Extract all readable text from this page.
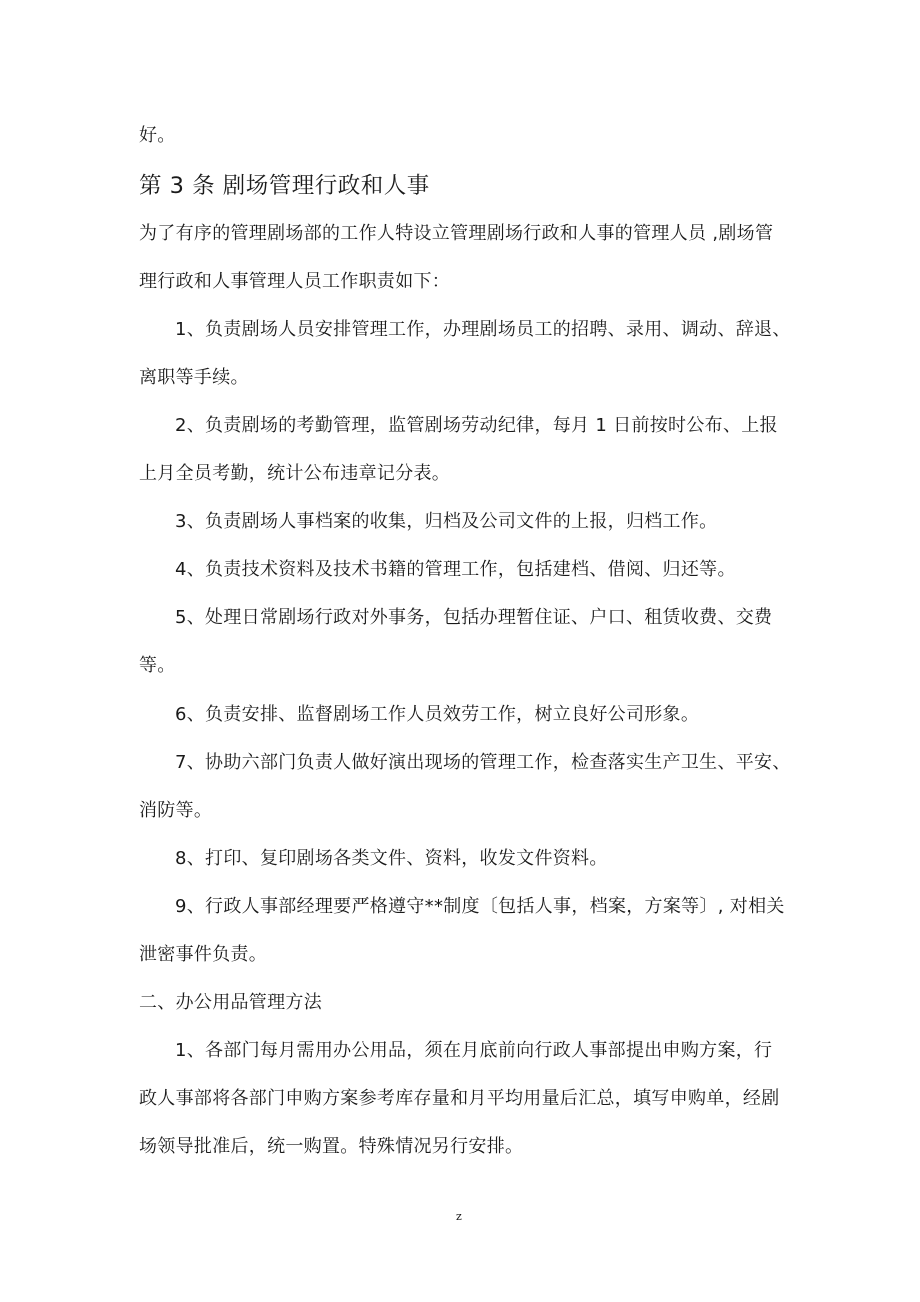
好。
第 3 条 剧场管理行政和人事
为了有序的管理剧场部的工作人特设立管理剧场行政和人事的管理人员 ,剧场管
理行政和人事管理人员工作职责如下：
1、负责剧场人员安排管理工作，办理剧场员工的招聘、录用、调动、辞退、
离职等手续。
2、负责剧场的考勤管理，监管剧场劳动纪律，每月 1 日前按时公布、上报
上月全员考勤，统计公布违章记分表。
3、负责剧场人事档案的收集，归档及公司文件的上报，归档工作。
4、负责技术资料及技术书籍的管理工作，包括建档、借阅、归还等。
5、处理日常剧场行政对外事务，包括办理暂住证、户口、租赁收费、交费
等。
6、负责安排、监督剧场工作人员效劳工作，树立良好公司形象。
7、协助六部门负责人做好演出现场的管理工作，检查落实生产卫生、平安、
消防等。
8、打印、复印剧场各类文件、资料，收发文件资料。
9、行政人事部经理要严格遵守**制度〔包括人事，档案，方案等〕, 对相关
泄密事件负责。
二、办公用品管理方法
1、各部门每月需用办公用品，须在月底前向行政人事部提出申购方案，行
政人事部将各部门申购方案参考库存量和月平均用量后汇总，填写申购单，经剧
场领导批准后，统一购置。特殊情况另行安排。
z
